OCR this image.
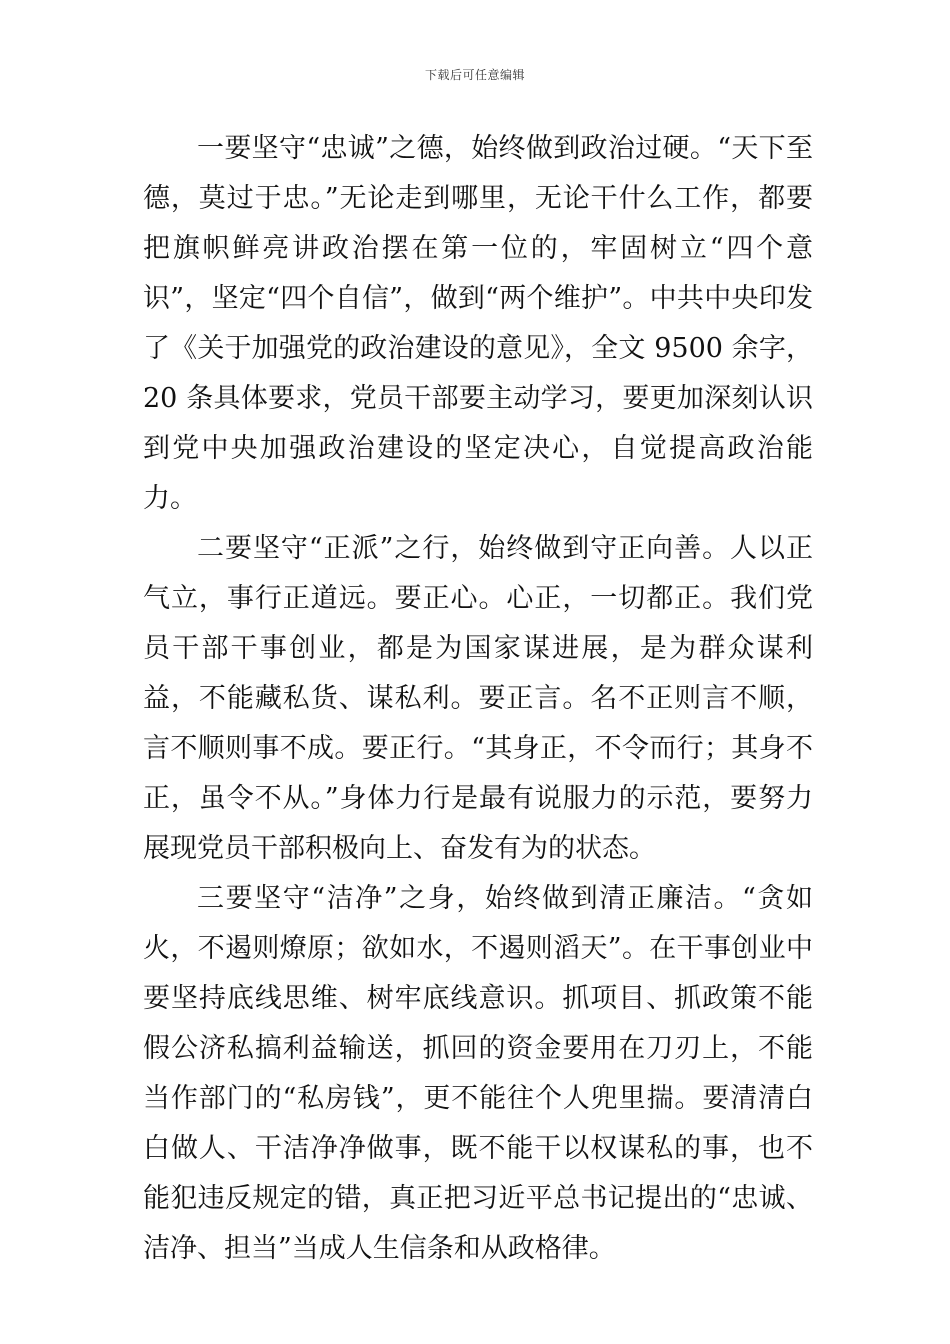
下载后可任意编辑

一要坚守“忠诚”之德，始终做到政治过硬。“天下至德，莫过于忠。”无论走到哪里，无论干什么工作，都要把旗帜鲜亮讲政治摆在第一位的，牢固树立“四个意识”，坚定“四个自信”，做到“两个维护”。中共中央印发了《关于加强党的政治建设的意见》，全文 9500 余字，20 条具体要求，党员干部要主动学习，要更加深刻认识到党中央加强政治建设的坚定决心，自觉提高政治能力。

二要坚守“正派”之行，始终做到守正向善。人以正气立，事行正道远。要正心。心正，一切都正。我们党员干部干事创业，都是为国家谋进展，是为群众谋利益，不能藏私货、谋私利。要正言。名不正则言不顺，言不顺则事不成。要正行。“其身正，不令而行；其身不正，虽令不从。”身体力行是最有说服力的示范，要努力展现党员干部积极向上、奋发有为的状态。

三要坚守“洁净”之身，始终做到清正廉洁。“贪如火，不遏则燎原；欲如水，不遏则滔天”。在干事创业中要坚持底线思维、树牢底线意识。抓项目、抓政策不能假公济私搞利益输送，抓回的资金要用在刀刃上，不能当作部门的“私房钱”，更不能往个人兜里揣。要清清白白做人、干洁净净做事，既不能干以权谋私的事，也不能犯违反规定的错，真正把习近平总书记提出的“忠诚、洁净、担当”当成人生信条和从政格律。
